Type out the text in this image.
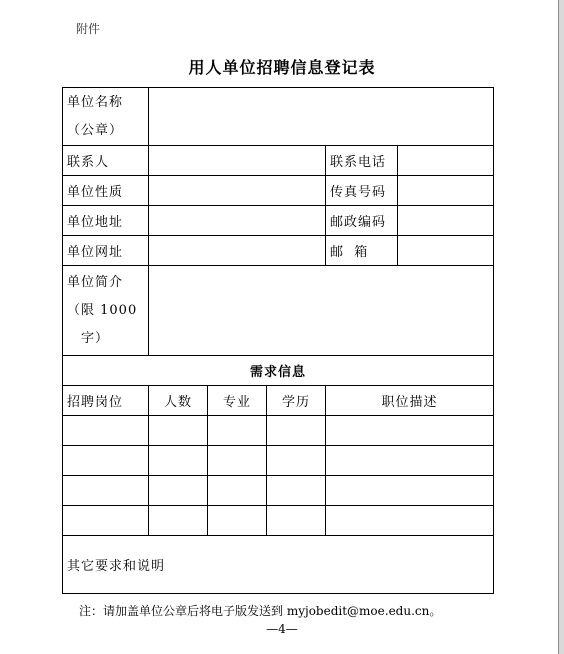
附件
用人单位招聘信息登记表
单位名称
（公章）					

联系人				联系电话	
单位性质				传真号码	
单位地址				邮政编码	
单位网址				邮  箱	

单位简介
（限 1000
字）					

需求信息					
招聘岗位	人数	专业	学历	职位描述	

其它要求和说明					
注：请加盖单位公章后将电子版发送到 myjobedit@moe.edu.cn。
—4—
